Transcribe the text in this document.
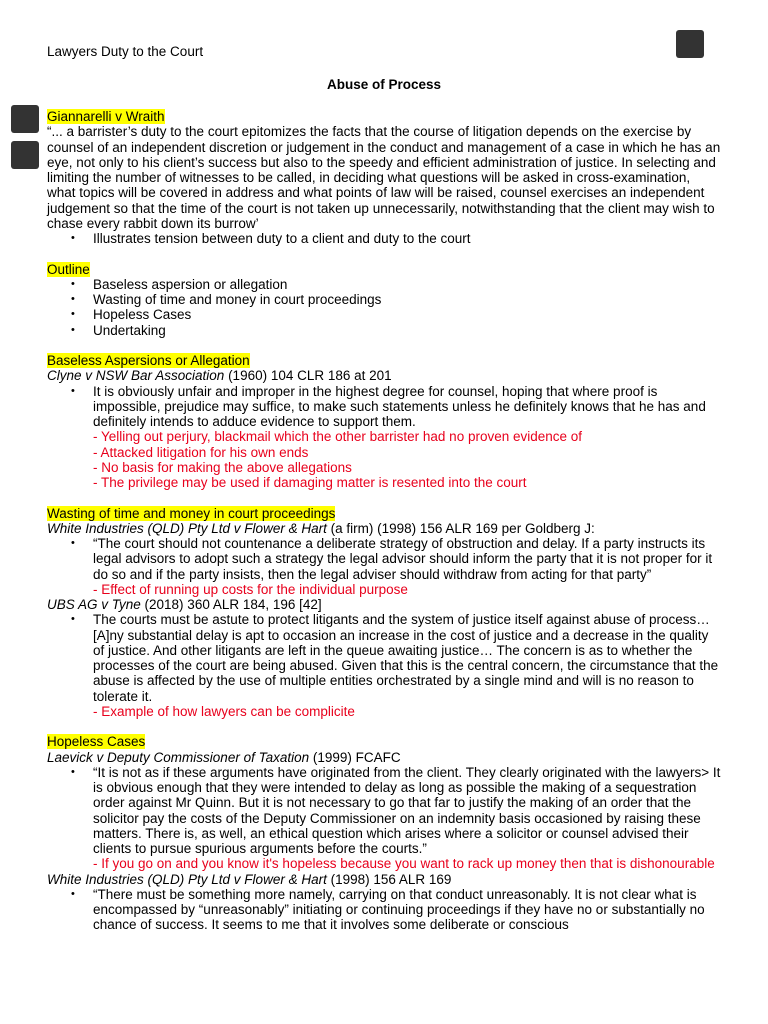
Lawyers Duty to the Court
Abuse of Process
Giannarelli v Wraith
“... a barrister’s duty to the court epitomizes the facts that the course of litigation depends on the exercise by counsel of an independent discretion or judgement in the conduct and management of a case in which he has an eye, not only to his client’s success but also to the speedy and efficient administration of justice. In selecting and limiting the number of witnesses to be called, in deciding what questions will be asked in cross-examination, what topics will be covered in address and what points of law will be raised, counsel exercises an independent judgement so that the time of the court is not taken up unnecessarily, notwithstanding that the client may wish to chase every rabbit down its burrow’
• Illustrates tension between duty to a client and duty to the court
Outline
• Baseless aspersion or allegation
• Wasting of time and money in court proceedings
• Hopeless Cases
• Undertaking
Baseless Aspersions or Allegation
Clyne v NSW Bar Association (1960) 104 CLR 186 at 201
• It is obviously unfair and improper in the highest degree for counsel, hoping that where proof is impossible, prejudice may suffice, to make such statements unless he definitely knows that he has and definitely intends to adduce evidence to support them.
- Yelling out perjury, blackmail which the other barrister had no proven evidence of
- Attacked litigation for his own ends
- No basis for making the above allegations
- The privilege may be used if damaging matter is resented into the court
Wasting of time and money in court proceedings
White Industries (QLD) Pty Ltd v Flower & Hart (a firm) (1998) 156 ALR 169 per Goldberg J:
• “The court should not countenance a deliberate strategy of obstruction and delay. If a party instructs its legal advisors to adopt such a strategy the legal advisor should inform the party that it is not proper for it do so and if the party insists, then the legal adviser should withdraw from acting for that party”
- Effect of running up costs for the individual purpose
UBS AG v Tyne (2018) 360 ALR 184, 196 [42]
• The courts must be astute to protect litigants and the system of justice itself against abuse of process… [A]ny substantial delay is apt to occasion an increase in the cost of justice and a decrease in the quality of justice. And other litigants are left in the queue awaiting justice… The concern is as to whether the processes of the court are being abused. Given that this is the central concern, the circumstance that the abuse is affected by the use of multiple entities orchestrated by a single mind and will is no reason to tolerate it.
- Example of how lawyers can be complicite
Hopeless Cases
Laevick v Deputy Commissioner of Taxation (1999) FCAFC
• “It is not as if these arguments have originated from the client. They clearly originated with the lawyers> It is obvious enough that they were intended to delay as long as possible the making of a sequestration order against Mr Quinn. But it is not necessary to go that far to justify the making of an order that the solicitor pay the costs of the Deputy Commissioner on an indemnity basis occasioned by raising these matters. There is, as well, an ethical question which arises where a solicitor or counsel advised their clients to pursue spurious arguments before the courts.”
- If you go on and you know it's hopeless because you want to rack up money then that is dishonourable
White Industries (QLD) Pty Ltd v Flower & Hart (1998) 156 ALR 169
• “There must be something more namely, carrying on that conduct unreasonably. It is not clear what is encompassed by “unreasonably” initiating or continuing proceedings if they have no or substantially no chance of success. It seems to me that it involves some deliberate or conscious
